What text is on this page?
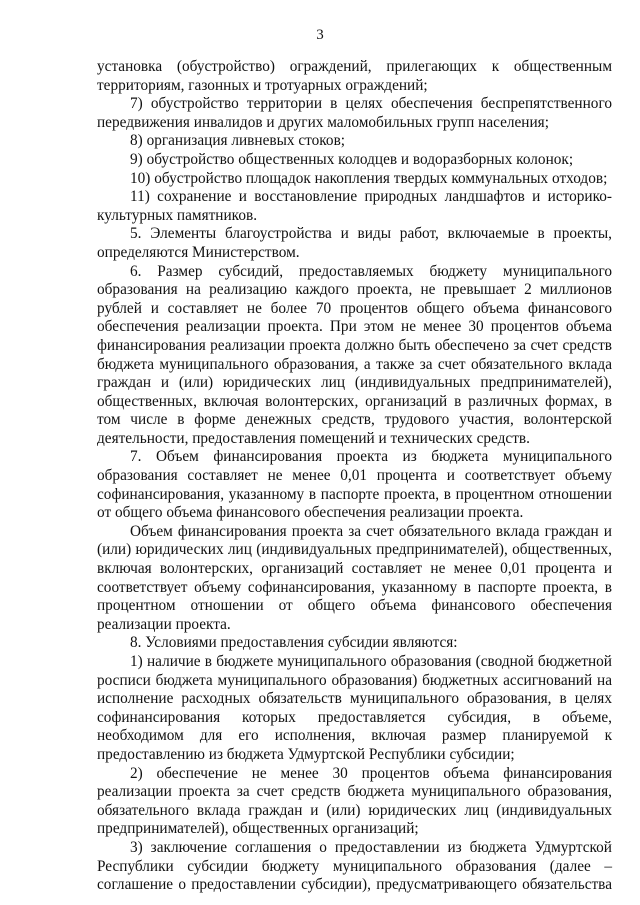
3

установка (обустройство) ограждений, прилегающих к общественным территориям, газонных и тротуарных ограждений;

7) обустройство территории в целях обеспечения беспрепятственного передвижения инвалидов и других маломобильных групп населения;

8) организация ливневых стоков;

9) обустройство общественных колодцев и водоразборных колонок;

10) обустройство площадок накопления твердых коммунальных отходов;

11) сохранение и восстановление природных ландшафтов и историко-культурных памятников.

5. Элементы благоустройства и виды работ, включаемые в проекты, определяются Министерством.

6. Размер субсидий, предоставляемых бюджету муниципального образования на реализацию каждого проекта, не превышает 2 миллионов рублей и составляет не более 70 процентов общего объема финансового обеспечения реализации проекта. При этом не менее 30 процентов объема финансирования реализации проекта должно быть обеспечено за счет средств бюджета муниципального образования, а также за счет обязательного вклада граждан и (или) юридических лиц (индивидуальных предпринимателей), общественных, включая волонтерских, организаций в различных формах, в том числе в форме денежных средств, трудового участия, волонтерской деятельности, предоставления помещений и технических средств.

7. Объем финансирования проекта из бюджета муниципального образования составляет не менее 0,01 процента и соответствует объему софинансирования, указанному в паспорте проекта, в процентном отношении от общего объема финансового обеспечения реализации проекта.

Объем финансирования проекта за счет обязательного вклада граждан и (или) юридических лиц (индивидуальных предпринимателей), общественных, включая волонтерских, организаций составляет не менее 0,01 процента и соответствует объему софинансирования, указанному в паспорте проекта, в процентном отношении от общего объема финансового обеспечения реализации проекта.

8. Условиями предоставления субсидии являются:

1) наличие в бюджете муниципального образования (сводной бюджетной росписи бюджета муниципального образования) бюджетных ассигнований на исполнение расходных обязательств муниципального образования, в целях софинансирования которых предоставляется субсидия, в объеме, необходимом для его исполнения, включая размер планируемой к предоставлению из бюджета Удмуртской Республики субсидии;

2) обеспечение не менее 30 процентов объема финансирования реализации проекта за счет средств бюджета муниципального образования, обязательного вклада граждан и (или) юридических лиц (индивидуальных предпринимателей), общественных организаций;

3) заключение соглашения о предоставлении из бюджета Удмуртской Республики субсидии бюджету муниципального образования (далее – соглашение о предоставлении субсидии), предусматривающего обязательства
